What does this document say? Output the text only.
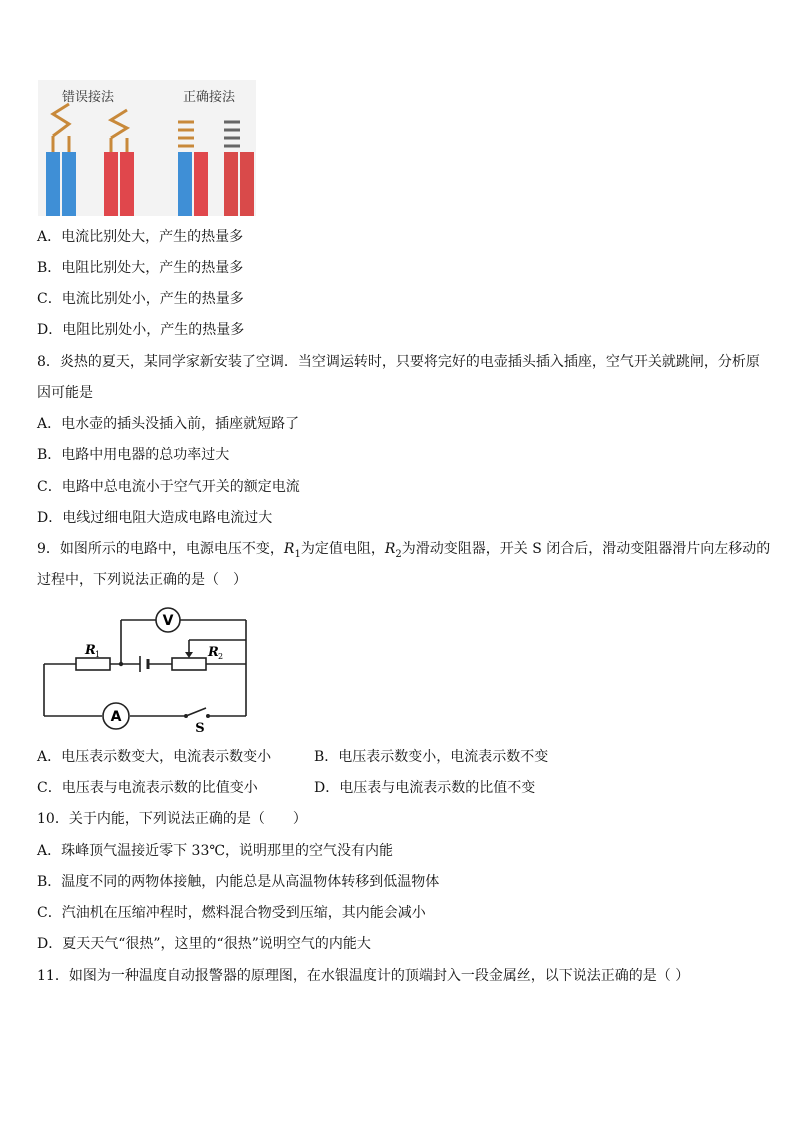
错误接法	正确接法
A．电流比别处大，产生的热量多
B．电阻比别处大，产生的热量多
C．电流比别处小，产生的热量多
D．电阻比别处小，产生的热量多
8．炎热的夏天，某同学家新安装了空调．当空调运转时，只要将完好的电壶插头插入插座，空气开关就跳闸，分析原
因可能是
A．电水壶的插头没插入前，插座就短路了
B．电路中用电器的总功率过大
C．电路中总电流小于空气开关的额定电流
D．电线过细电阻大造成电路电流过大
9．如图所示的电路中，电源电压不变，$R_1$为定值电阻，$R_2$为滑动变阻器，开关 S 闭合后，滑动变阻器滑片向左移动的
过程中，下列说法正确的是（　）
V
A
S
R 1	R 2
A．电压表示数变大，电流表示数变小	B．电压表示数变小，电流表示数不变
C．电压表与电流表示数的比值变小	D．电压表与电流表示数的比值不变
10．关于内能，下列说法正确的是（　　）
A．珠峰顶气温接近零下 33℃，说明那里的空气没有内能
B．温度不同的两物体接触，内能总是从高温物体转移到低温物体
C．汽油机在压缩冲程时，燃料混合物受到压缩，其内能会减小
D．夏天天气“很热”，这里的“很热”说明空气的内能大
11．如图为一种温度自动报警器的原理图，在水银温度计的顶端封入一段金属丝，以下说法正确的是（ ）
